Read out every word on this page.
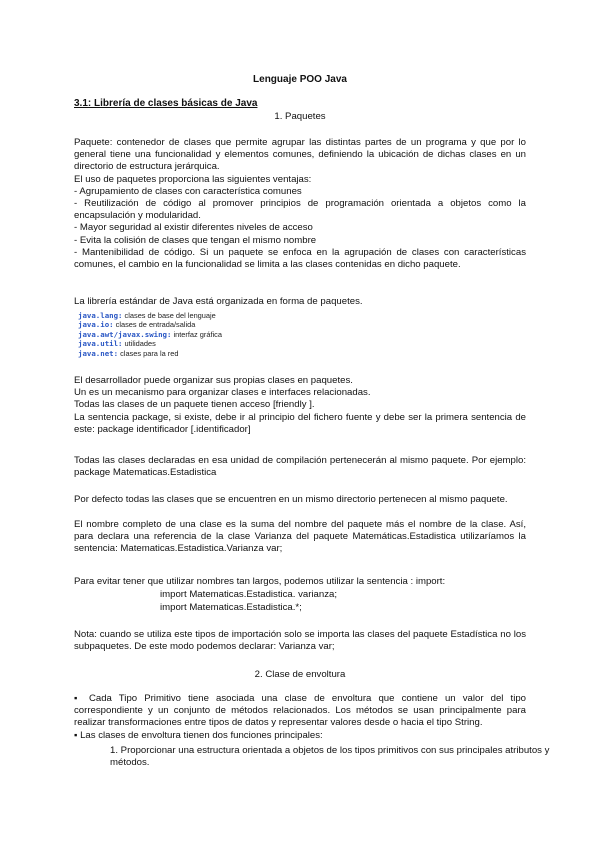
Lenguaje POO Java
3.1: Librería de clases básicas de Java
1. Paquetes

Paquete: contenedor de clases que permite agrupar las distintas partes de un programa y que por lo general tiene una funcionalidad y elementos comunes, definiendo la ubicación de dichas clases en un directorio de estructura jerárquica.

El uso de paquetes proporciona las siguientes ventajas:

- Agrupamiento de clases con característica comunes

- Reutilización de código al promover principios de programación orientada a objetos como la encapsulación y modularidad.

- Mayor seguridad al existir diferentes niveles de acceso

- Evita la colisión de clases que tengan el mismo nombre

- Mantenibilidad de código. Si un paquete se enfoca en la agrupación de clases con características comunes, el cambio en la funcionalidad se limita a las clases contenidas en dicho paquete.

La librería estándar de Java está organizada en forma de paquetes.
java.lang: clases de base del lenguaje
java.io: clases de entrada/salida
java.awt/javax.swing: interfaz gráfica
java.util: utilidades
java.net: clases para la red

El desarrollador puede organizar sus propias clases en paquetes.

Un es un mecanismo para organizar clases e interfaces relacionadas.

Todas las clases de un paquete tienen acceso [friendly ].

La sentencia package, si existe, debe ir al principio del fichero fuente y debe ser la primera sentencia de este: package identificador [.identificador]

Todas las clases declaradas en esa unidad de compilación pertenecerán al mismo paquete. Por ejemplo: package Matematicas.Estadistica
Por defecto todas las clases que se encuentren en un mismo directorio pertenecen al mismo paquete.
El nombre completo de una clase es la suma del nombre del paquete más el nombre de la clase. Así, para declara una referencia de la clase Varianza del paquete Matemáticas.Estadistica utilizaríamos la sentencia: Matematicas.Estadistica.Varianza var;
Para evitar tener que utilizar nombres tan largos, podemos utilizar la sentencia : import:
import Matematicas.Estadistica. varianza;
import Matematicas.Estadistica.*;
Nota: cuando se utiliza este tipos de importación solo se importa las clases del paquete Estadística no los subpaquetes. De este modo podemos declarar: Varianza var;
2. Clase de envoltura

▪ Cada Tipo Primitivo tiene asociada una clase de envoltura que contiene un valor del tipo correspondiente y un conjunto de métodos relacionados. Los métodos se usan principalmente para realizar transformaciones entre tipos de datos y representar valores desde o hacia el tipo String.

▪ Las clases de envoltura tienen dos funciones principales:

1. Proporcionar una estructura orientada a objetos de los tipos primitivos con sus principales atributos y métodos.
